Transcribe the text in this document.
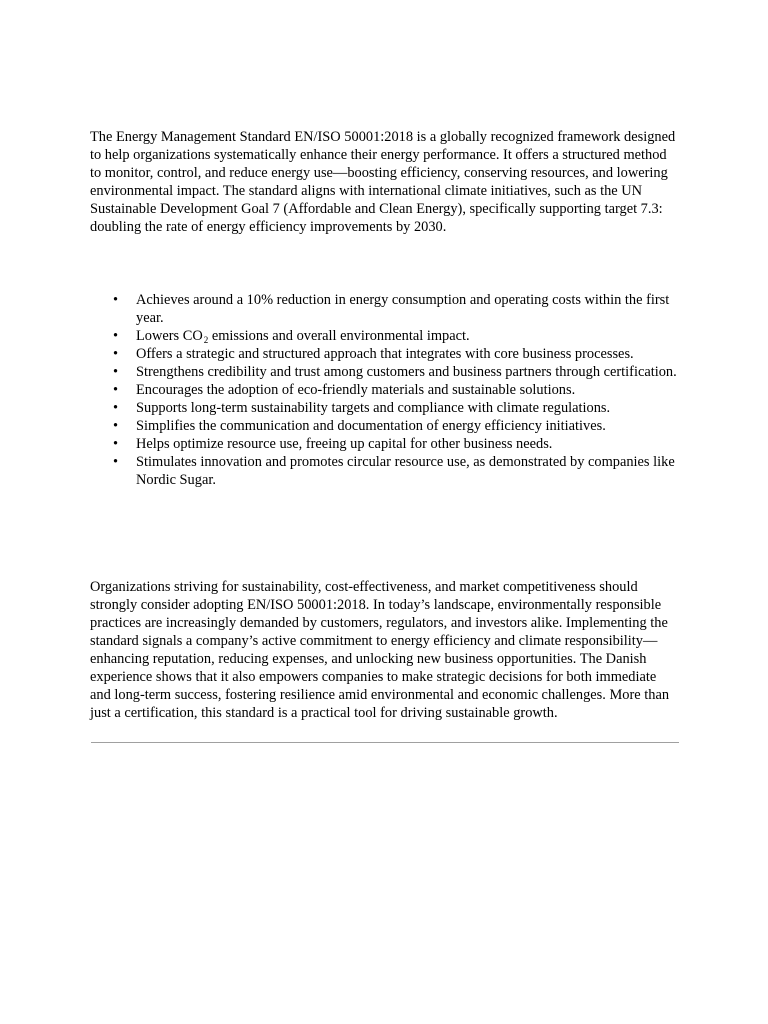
The Energy Management Standard EN/ISO 50001:2018 is a globally recognized framework designed to help organizations systematically enhance their energy performance. It offers a structured method to monitor, control, and reduce energy use—boosting efficiency, conserving resources, and lowering environmental impact. The standard aligns with international climate initiatives, such as the UN Sustainable Development Goal 7 (Affordable and Clean Energy), specifically supporting target 7.3: doubling the rate of energy efficiency improvements by 2030.

• Achieves around a 10% reduction in energy consumption and operating costs within the first year.
• Lowers $CO_2$ emissions and overall environmental impact.
• Offers a strategic and structured approach that integrates with core business processes.
• Strengthens credibility and trust among customers and business partners through certification.
• Encourages the adoption of eco-friendly materials and sustainable solutions.
• Supports long-term sustainability targets and compliance with climate regulations.
• Simplifies the communication and documentation of energy efficiency initiatives.
• Helps optimize resource use, freeing up capital for other business needs.
• Stimulates innovation and promotes circular resource use, as demonstrated by companies like Nordic Sugar.

Organizations striving for sustainability, cost-effectiveness, and market competitiveness should strongly consider adopting EN/ISO 50001:2018. In today’s landscape, environmentally responsible practices are increasingly demanded by customers, regulators, and investors alike. Implementing the standard signals a company’s active commitment to energy efficiency and climate responsibility—enhancing reputation, reducing expenses, and unlocking new business opportunities. The Danish experience shows that it also empowers companies to make strategic decisions for both immediate and long-term success, fostering resilience amid environmental and economic challenges. More than just a certification, this standard is a practical tool for driving sustainable growth.
